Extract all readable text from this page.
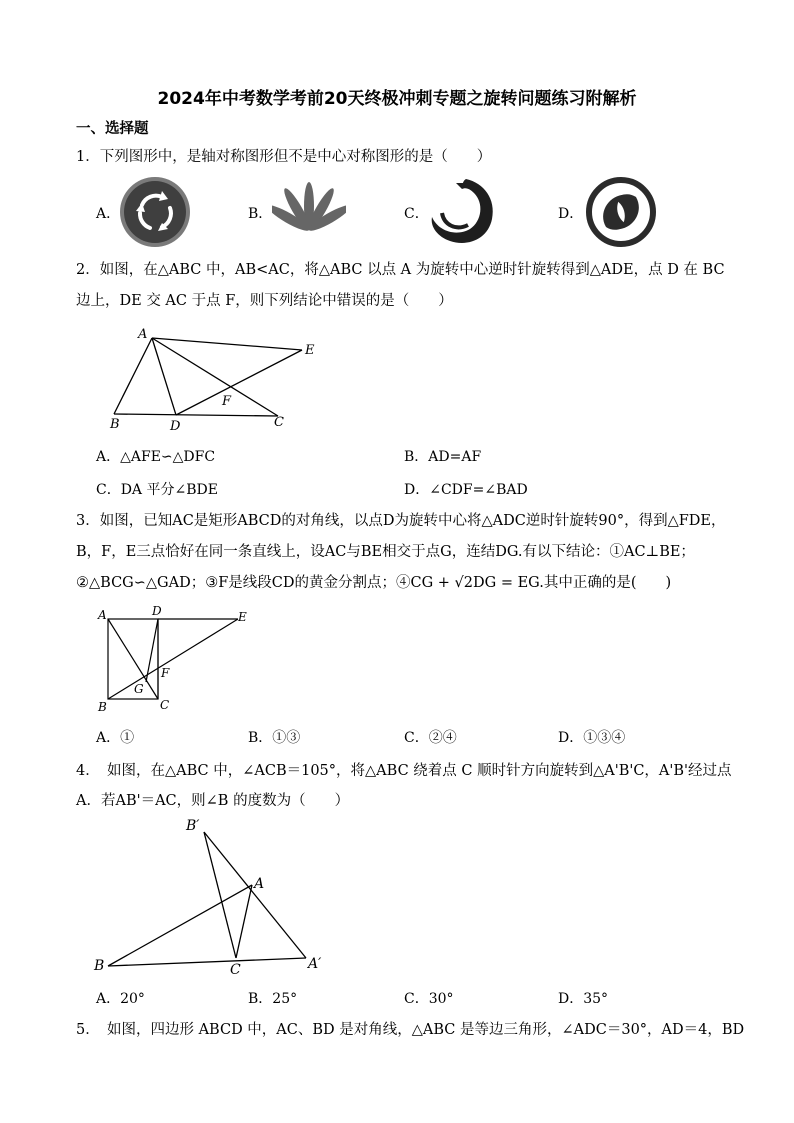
2024年中考数学考前20天终极冲刺专题之旋转问题练习附解析
一、选择题
1．下列图形中，是轴对称图形但不是中心对称图形的是（　　）
A．	B．	C．	D．
2．如图，在△ABC 中，AB<AC，将△ABC 以点 A 为旋转中心逆时针旋转得到△ADE，点 D 在 BC
边上，DE 交 AC 于点 F，则下列结论中错误的是（　　）
A
E
F
B	D	C
A．△AFE∽△DFC	B．AD=AF
C．DA 平分∠BDE	D．∠CDF=∠BAD
3．如图，已知AC是矩形ABCD的对角线，以点D为旋转中心将△ADC逆时针旋转90°，得到△FDE，
B，F，E三点恰好在同一条直线上，设AC与BE相交于点G，连结DG.有以下结论：①AC⊥BE；
②△BCG∽△GAD；③F是线段CD的黄金分割点；④CG + √2DG = EG.其中正确的是(　　)
A	D	E
F
G
B	C
A．①	B．①③	C．②④	D．①③④
4．　如图，在△ABC 中，∠ACB＝105°，将△ABC 绕着点 C 顺时针方向旋转到△A'B'C，A'B'经过点
A．若AB'＝AC，则∠B 的度数为（　　）
B′
A
B	C	A′
A．20°	B．25°	C．30°	D．35°
5．　如图，四边形 ABCD 中，AC、BD 是对角线，△ABC 是等边三角形，∠ADC＝30°，AD＝4，BD
